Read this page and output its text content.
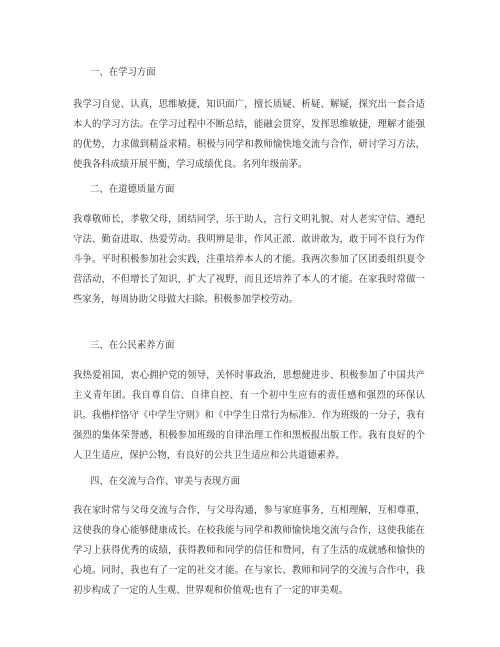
一、在学习方面

我学习自觉、认真，思维敏捷，知识面广，擅长质疑、析疑、解疑，探究出一套合适本人的学习方法。在学习过程中不断总结，能融会贯穿，发挥思维敏捷，理解才能强的优势，力求做到精益求精。积极与同学和教师愉快地交流与合作，研讨学习方法，使我各科成绩开展平衡，学习成绩优良。名列年级前茅。

二、在道德质量方面

我尊敬师长，孝敬父母，团结同学，乐于助人，言行文明礼貌、对人老实守信、遵纪守法、勤奋进取、热爱劳动。我明辨是非，作风正派．敢讲敢为，敢于同不良行为作斗争。平时积极参加社会实践，注重培养本人的才能。我两次参加了区团委组织夏令营活动，不但增长了知识，扩大了视野，而且还培养了本人的才能。在家我时常做一些家务，每周协助父母做大扫除。积极参加学校劳动。

三、在公民素养方面

我热爱祖国，衷心拥护党的领导，关怀时事政治，思想健进步、积极参加了中国共产主义青年团。我自尊自信、自律自控、有一个初中生应有的责任感和强烈的环保认识。我楷样恪守《中学生守则》和《中学生日常行为标准》．作为班级的一分子，我有强烈的集体荣誉感，积极参加班级的自律治理工作和黑板报出版工作。我有良好的个人卫生适应，保护公物，有良好的公共卫生适应和公共道德素养。

四、在交流与合作、审美与表现方面

我在家时常与父母交流与合作，与父母沟通，参与家庭事务，互相理解，互相尊重，这使我的身心能够健康成长。在校我能与同学和教师愉快地交流与合作，这使我能在学习上获得优秀的成绩，获得教师和同学的信任和赞同，有了生活的成就感和愉快的心境。同时，我也有了一定的社交才能。在与家长、教师和同学的交流与合作中，我初步构成了一定的人生观、世界观和价值观;也有了一定的审美观。
